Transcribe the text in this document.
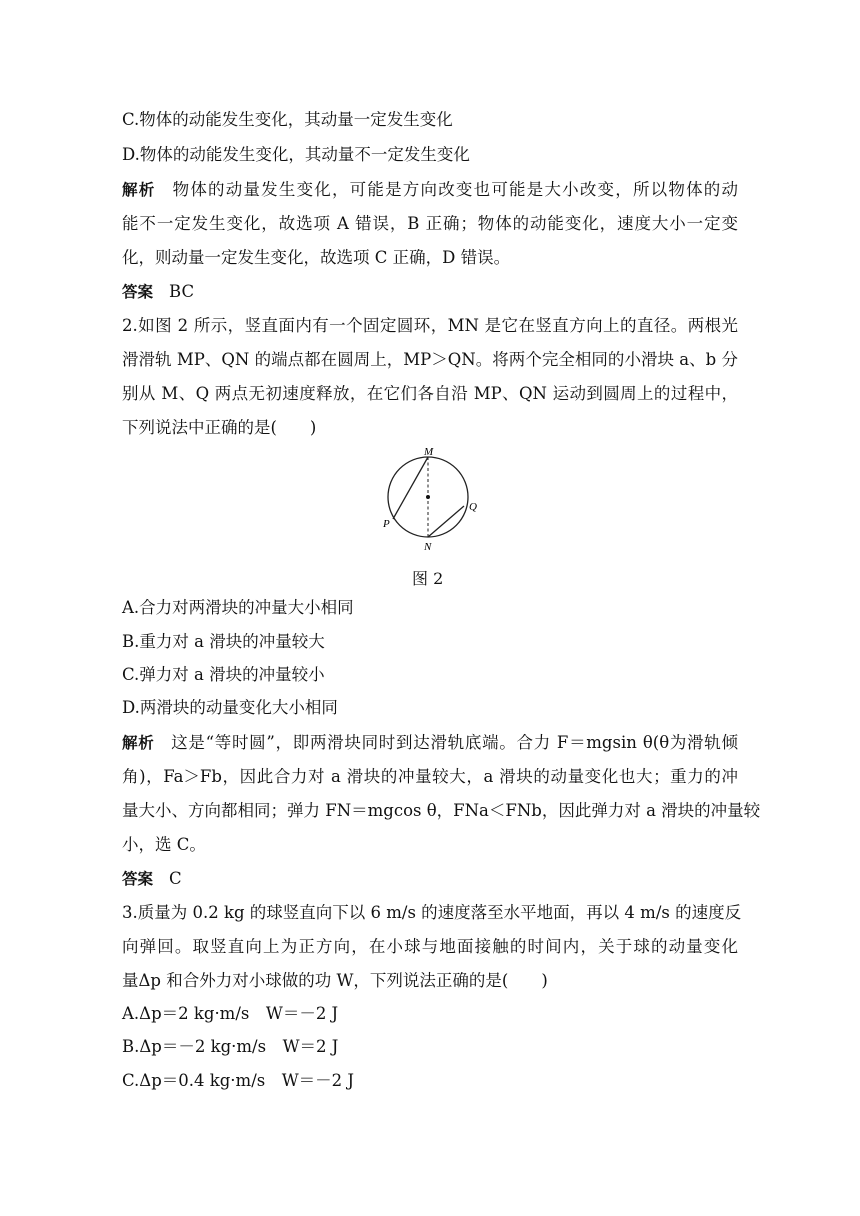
C.物体的动能发生变化，其动量一定发生变化
D.物体的动能发生变化，其动量不一定发生变化
解析 物体的动量发生变化，可能是方向改变也可能是大小改变，所以物体的动
能不一定发生变化，故选项 A 错误，B 正确；物体的动能变化，速度大小一定变
化，则动量一定发生变化，故选项 C 正确，D 错误。
答案 BC
2.如图 2 所示，竖直面内有一个固定圆环，MN 是它在竖直方向上的直径。两根光
滑滑轨 MP、QN 的端点都在圆周上，MP＞QN。将两个完全相同的小滑块 a、b 分
别从 M、Q 两点无初速度释放，在它们各自沿 MP、QN 运动到圆周上的过程中，
下列说法中正确的是(　　)
M
N
P
Q
图 2
A.合力对两滑块的冲量大小相同
B.重力对 a 滑块的冲量较大
C.弹力对 a 滑块的冲量较小
D.两滑块的动量变化大小相同
解析 这是“等时圆”，即两滑块同时到达滑轨底端。合力 F＝mgsin θ(θ为滑轨倾
角)，Fa＞Fb，因此合力对 a 滑块的冲量较大，a 滑块的动量变化也大；重力的冲
量大小、方向都相同；弹力 FN＝mgcos θ，FNa＜FNb，因此弹力对 a 滑块的冲量较
小，选 C。
答案 C
3.质量为 0.2 kg 的球竖直向下以 6 m/s 的速度落至水平地面，再以 4 m/s 的速度反
向弹回。取竖直向上为正方向，在小球与地面接触的时间内，关于球的动量变化
量Δp 和合外力对小球做的功 W，下列说法正确的是(　　)
A.Δp＝2 kg·m/s　W＝－2 J
B.Δp＝－2 kg·m/s　W＝2 J
C.Δp＝0.4 kg·m/s　W＝－2 J
